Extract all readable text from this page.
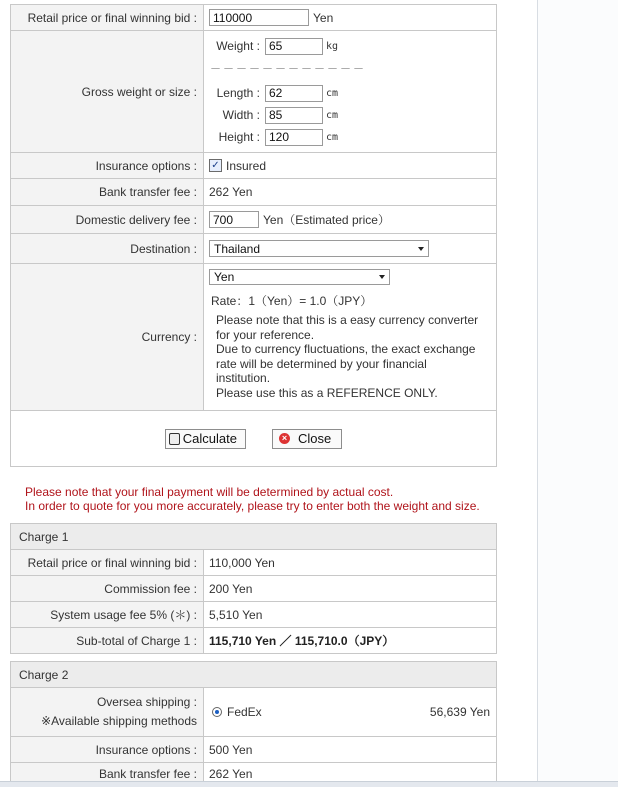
Retail price or final winning bid :
110000	Yen
Gross weight or size :
Weight :
65	kg
－－－－－－－－－－－－
Length :
62	cm
Width :
85	cm
Height :
120	cm
Insurance options :	✓ Insured
Bank transfer fee :	262 Yen
Domestic delivery fee :
700	Yen（Estimated price）
Destination :	Thailand
Currency :
Yen
Rate：1（Yen）= 1.0（JPY）
Please note that this is a easy currency converter
for your reference.
Due to currency fluctuations, the exact exchange
rate will be determined by your financial
institution.
Please use this as a REFERENCE ONLY.
Calculate	× Close
Please note that your final payment will be determined by actual cost.
In order to quote for you more accurately, please try to enter both the weight and size.
Charge 1
Retail price or final winning bid :	110,000 Yen
Commission fee :	200 Yen
System usage fee 5% (＊) :	5,510 Yen
Sub-total of Charge 1 :	115,710 Yen ／ 115,710.0（JPY）
Charge 2
Oversea shipping :
※Available shipping methods
FedEx	56,639 Yen
Insurance options :	500 Yen
Bank transfer fee :	262 Yen
